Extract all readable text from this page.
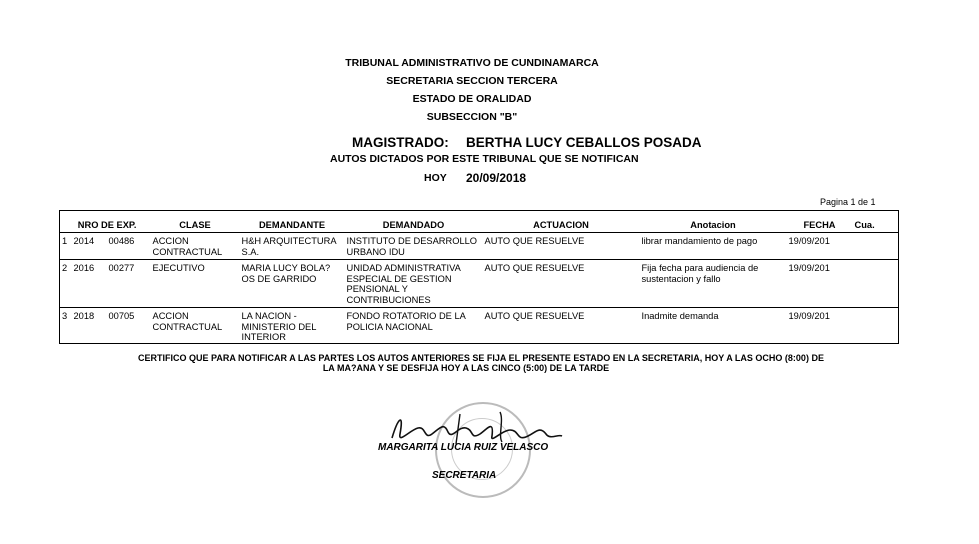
TRIBUNAL ADMINISTRATIVO DE CUNDINAMARCA
SECRETARIA SECCION TERCERA
ESTADO DE ORALIDAD
SUBSECCION "B"
MAGISTRADO: BERTHA LUCY CEBALLOS POSADA
AUTOS DICTADOS POR ESTE TRIBUNAL QUE SE NOTIFICAN
HOY 20/09/2018
Pagina 1 de 1
NRO DE EXP.			CLASE	DEMANDANTE	DEMANDADO	ACTUACION	Anotacion	FECHA	Cua.
1	2014	00486	ACCION CONTRACTUAL	H&H ARQUITECTURA S.A.	INSTITUTO DE DESARROLLO URBANO IDU	AUTO QUE RESUELVE	librar mandamiento de pago	19/09/201	
2	2016	00277	EJECUTIVO	MARIA LUCY BOLA?OS DE GARRIDO	UNIDAD ADMINISTRATIVA ESPECIAL DE GESTION PENSIONAL Y CONTRIBUCIONES	AUTO QUE RESUELVE	Fija fecha para audiencia de sustentacion y fallo	19/09/201	
3	2018	00705	ACCION CONTRACTUAL	LA NACION - MINISTERIO DEL INTERIOR	FONDO ROTATORIO DE LA POLICIA NACIONAL	AUTO QUE RESUELVE	Inadmite demanda	19/09/201	
CERTIFICO QUE PARA NOTIFICAR A LAS PARTES LOS AUTOS ANTERIORES SE FIJA EL PRESENTE ESTADO EN LA SECRETARIA, HOY A LAS OCHO (8:00) DE
LA MA?ANA Y SE DESFIJA HOY A LAS CINCO (5:00) DE LA TARDE
MARGARITA LUCIA RUIZ VELASCO
SECRETARIA
